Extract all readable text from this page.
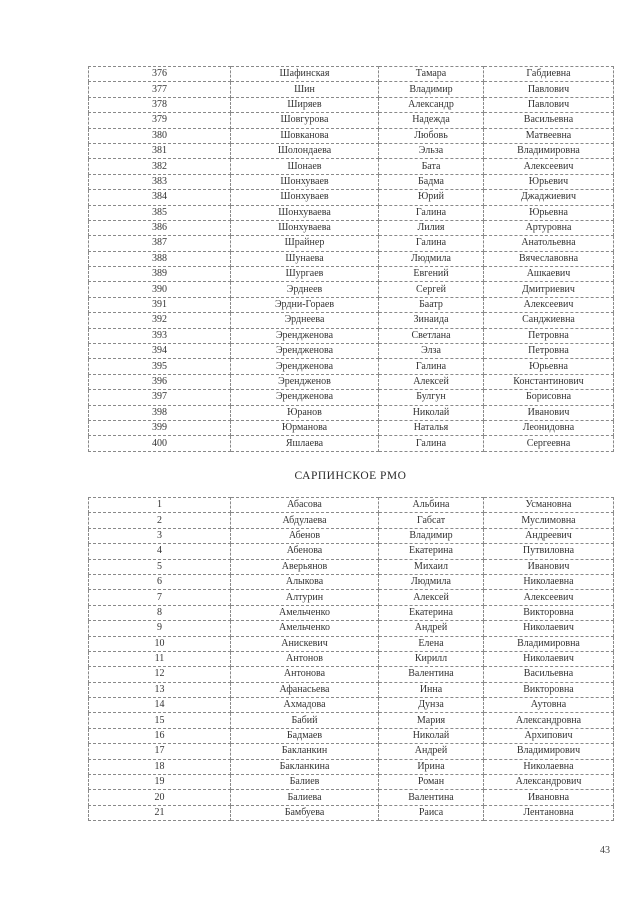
376	Шафинская	Тамара	Габдиевна
377	Шин	Владимир	Павлович
378	Ширяев	Александр	Павлович
379	Шовгурова	Надежда	Васильевна
380	Шовканова	Любовь	Матвеевна
381	Шолондаева	Эльза	Владимировна
382	Шонаев	Бата	Алексеевич
383	Шонхуваев	Бадма	Юрьевич
384	Шонхуваев	Юрий	Джаджиевич
385	Шонхуваева	Галина	Юрьевна
386	Шонхуваева	Лилия	Артуровна
387	Шрайнер	Галина	Анатольевна
388	Шунаева	Людмила	Вячеславовна
389	Шургаев	Евгений	Ашкаевич
390	Эрднеев	Сергей	Дмитриевич
391	Эрдни-Гораев	Баатр	Алексеевич
392	Эрднеева	Зинаида	Санджиевна
393	Эрендженова	Светлана	Петровна
394	Эрендженова	Элза	Петровна
395	Эрендженова	Галина	Юрьевна
396	Эрендженов	Алексей	Константинович
397	Эрендженова	Булгун	Борисовна
398	Юранов	Николай	Иванович
399	Юрманова	Наталья	Леонидовна
400	Яшлаева	Галина	Сергеевна
САРПИНСКОЕ РМО
1	Абасова	Альбина	Усмановна
2	Абдулаева	Габсат	Муслимовна
3	Абенов	Владимир	Андреевич
4	Абенова	Екатерина	Путвиловна
5	Аверьянов	Михаил	Иванович
6	Алыкова	Людмила	Николаевна
7	Алтурин	Алексей	Алексеевич
8	Амельченко	Екатерина	Викторовна
9	Амельченко	Андрей	Николаевич
10	Анискевич	Елена	Владимировна
11	Антонов	Кирилл	Николаевич
12	Антонова	Валентина	Васильевна
13	Афанасьева	Инна	Викторовна
14	Ахмадова	Дунза	Аутовна
15	Бабий	Мария	Александровна
16	Бадмаев	Николай	Архипович
17	Бакланкин	Андрей	Владимирович
18	Бакланкина	Ирина	Николаевна
19	Балиев	Роман	Александрович
20	Балиева	Валентина	Ивановна
21	Бамбуева	Раиса	Лентановна
43
